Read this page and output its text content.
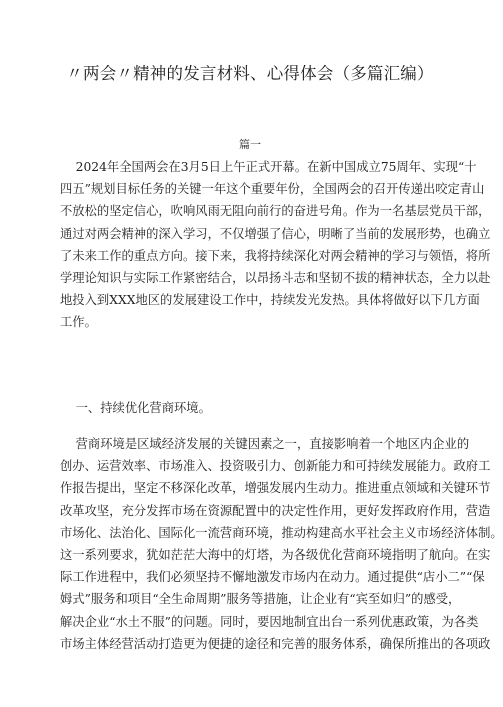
〃两会〃精神的发言材料、心得体会（多篇汇编）
篇一
2024年全国两会在3月5日上午正式开幕。在新中国成立75周年、实现“十
四五”规划目标任务的关键一年这个重要年份，全国两会的召开传递出咬定青山
不放松的坚定信心，吹响风雨无阻向前行的奋进号角。作为一名基层党员干部，
通过对两会精神的深入学习，不仅增强了信心，明晰了当前的发展形势，也确立
了未来工作的重点方向。接下来，我将持续深化对两会精神的学习与领悟，将所
学理论知识与实际工作紧密结合，以昂扬斗志和坚韧不拔的精神状态，全力以赴
地投入到XXX地区的发展建设工作中，持续发光发热。具体将做好以下几方面
工作。
一、持续优化营商环境。
营商环境是区域经济发展的关键因素之一，直接影响着一个地区内企业的
创办、运营效率、市场准入、投资吸引力、创新能力和可持续发展能力。政府工
作报告提出，坚定不移深化改革，增强发展内生动力。推进重点领域和关键环节
改革攻坚，充分发挥市场在资源配置中的决定性作用，更好发挥政府作用，营造
市场化、法治化、国际化一流营商环境，推动构建高水平社会主义市场经济体制。
这一系列要求，犹如茫茫大海中的灯塔，为各级优化营商环境指明了航向。在实
际工作进程中，我们必须坚持不懈地激发市场内在动力。通过提供“店小二”“保
姆式”服务和项目“全生命周期”服务等措施，让企业有“宾至如归”的感受，
解决企业“水土不服”的问题。同时，要因地制宜出台一系列优惠政策，为各类
市场主体经营活动打造更为便捷的途径和完善的服务体系，确保所推出的各项政
